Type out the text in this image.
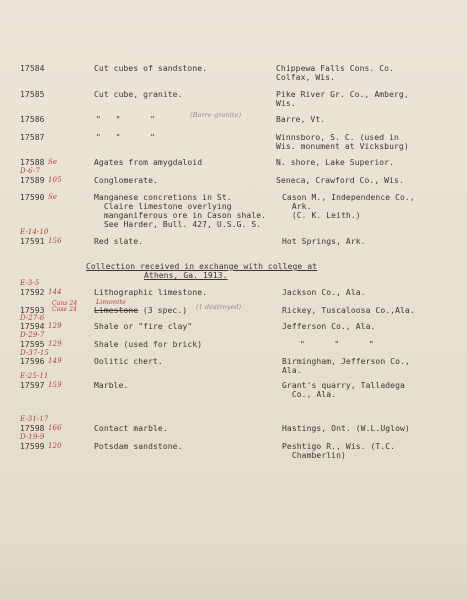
17584	Cut cubes of sandstone.	Chippewa Falls Cons. Co.
Colfax, Wis.
17585	Cut cube, granite.	Pike River Gr. Co., Amberg,
Wis.
17586	"   "      "	(Barre granite)	Barre, Vt.
17587	"   "      "	Winnsboro, S. C. (used in
Wis. monument at Vicksburg)
17588 Se	Agates from amygdaloid	N. shore, Lake Superior.
D-6-7
17589 105	Conglomerate.	Seneca, Crawford Co., Wis.
17590 Se	Manganese concretions in St.
Claire limestone overlying
manganiferous ore in Cason shale.
See Harder, Bull. 427, U.S.G. S.
Cason M., Independence Co.,
Ark.
(C. K. Leith.)
E-14-10
17591 156	Red slate.	Hot Springs, Ark.
Collection received in exchange with college at
Athens, Ga. 1913.
E-3-5
17592 144	Lithographic limestone.	Jackson Co., Ala.
17593
Cans 24
Case 24
D-27-6
Limonite
Limestone (3 spec.) (1 destroyed)	Rickey, Tuscaloosa Co.,Ala.
17594 129	Shale or "fire clay"	Jefferson Co., Ala.
D-29-7
17595 129	Shale (used for brick)	"      "      "
D-37-15
17596 149	Oolitic chert.	Birmingham, Jefferson Co.,
Ala.
E-25-11
17597 159	Marble.	Grant's quarry, Talladega
Co., Ala.
E-31-17
17598 166	Contact marble.	Hastings, Ont. (W.L.Uglow)
D-19-9
17599 120	Potsdam sandstone.	Peshtigo R., Wis. (T.C.
Chamberlin)
